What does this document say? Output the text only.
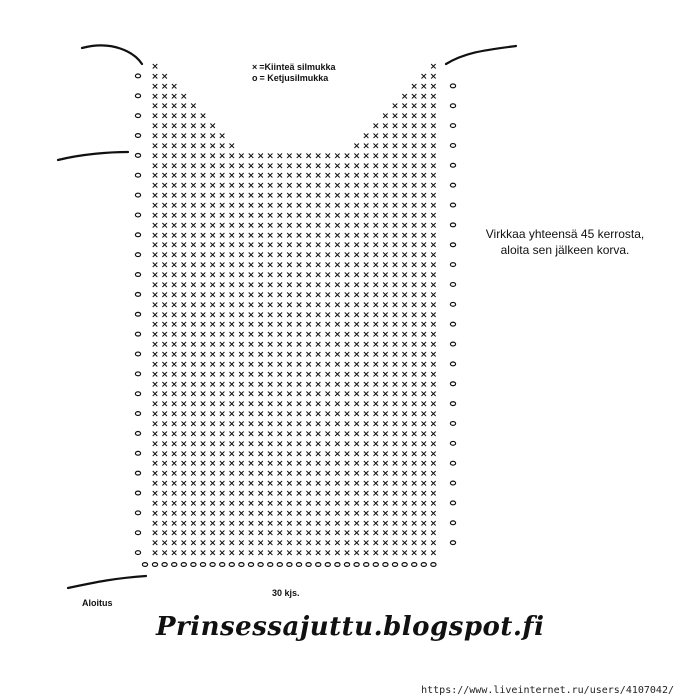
×	×
× ×	×
×
× × ×	×
×
×
× × × ×	×
×
×
×
× × × × ×	×
×
×
×
×
× × × × × ×	×
×
×
×
×
×
× × × × × × ×	×
×
×
×
×
×
×
× × × × × × × ×	×
×
×
×
×
×
×
×
× × × × × × × × ×	×
×
×
×
×
×
×
×
×
× × × × × × × × × × × × × × × × × × × × × × × × × × × × × ×
× × × × × × × × × × × × × × × × × × × × × × × × × × × × × ×
× × × × × × × × × × × × × × × × × × × × × × × × × × × × × ×
× × × × × × × × × × × × × × × × × × × × × × × × × × × × × ×
× × × × × × × × × × × × × × × × × × × × × × × × × × × × × ×
× × × × × × × × × × × × × × × × × × × × × × × × × × × × × ×
× × × × × × × × × × × × × × × × × × × × × × × × × × × × × ×
× × × × × × × × × × × × × × × × × × × × × × × × × × × × × ×
× × × × × × × × × × × × × × × × × × × × × × × × × × × × × ×
× × × × × × × × × × × × × × × × × × × × × × × × × × × × × ×
× × × × × × × × × × × × × × × × × × × × × × × × × × × × × ×
× × × × × × × × × × × × × × × × × × × × × × × × × × × × × ×
× × × × × × × × × × × × × × × × × × × × × × × × × × × × × ×
× × × × × × × × × × × × × × × × × × × × × × × × × × × × × ×
× × × × × × × × × × × × × × × × × × × × × × × × × × × × × ×
× × × × × × × × × × × × × × × × × × × × × × × × × × × × × ×
× × × × × × × × × × × × × × × × × × × × × × × × × × × × × ×
× × × × × × × × × × × × × × × × × × × × × × × × × × × × × ×
× × × × × × × × × × × × × × × × × × × × × × × × × × × × × ×
× × × × × × × × × × × × × × × × × × × × × × × × × × × × × ×
× × × × × × × × × × × × × × × × × × × × × × × × × × × × × ×
× × × × × × × × × × × × × × × × × × × × × × × × × × × × × ×
× × × × × × × × × × × × × × × × × × × × × × × × × × × × × ×
× × × × × × × × × × × × × × × × × × × × × × × × × × × × × ×
× × × × × × × × × × × × × × × × × × × × × × × × × × × × × ×
× × × × × × × × × × × × × × × × × × × × × × × × × × × × × ×
× × × × × × × × × × × × × × × × × × × × × × × × × × × × × ×
× × × × × × × × × × × × × × × × × × × × × × × × × × × × × ×
× × × × × × × × × × × × × × × × × × × × × × × × × × × × × ×
× × × × × × × × × × × × × × × × × × × × × × × × × × × × × ×
× × × × × × × × × × × × × × × × × × × × × × × × × × × × × ×
× × × × × × × × × × × × × × × × × × × × × × × × × × × × × ×
× × × × × × × × × × × × × × × × × × × × × × × × × × × × × ×
× × × × × × × × × × × × × × × × × × × × × × × × × × × × × ×
× × × × × × × × × × × × × × × × × × × × × × × × × × × × × ×
× × × × × × × × × × × × × × × × × × × × × × × × × × × × × ×
× × × × × × × × × × × × × × × × × × × × × × × × × × × × × ×
× × × × × × × × × × × × × × × × × × × × × × × × × × × × × ×
× × × × × × × × × × × × × × × × × × × × × × × × × × × × × ×
× × × × × × × × × × × × × × × × × × × × × × × × × × × × × ×
× × × × × × × × × × × × × × × × × × × × × × × × × × × × × ×
× =Kiinteä silmukka
o = Ketjusilmukka
Virkkaa yhteensä 45 kerrosta,
aloita sen jälkeen korva.
Aloitus
30 kjs.
Prinsessajuttu.blogspot.fi
https://www.liveinternet.ru/users/4107042/
